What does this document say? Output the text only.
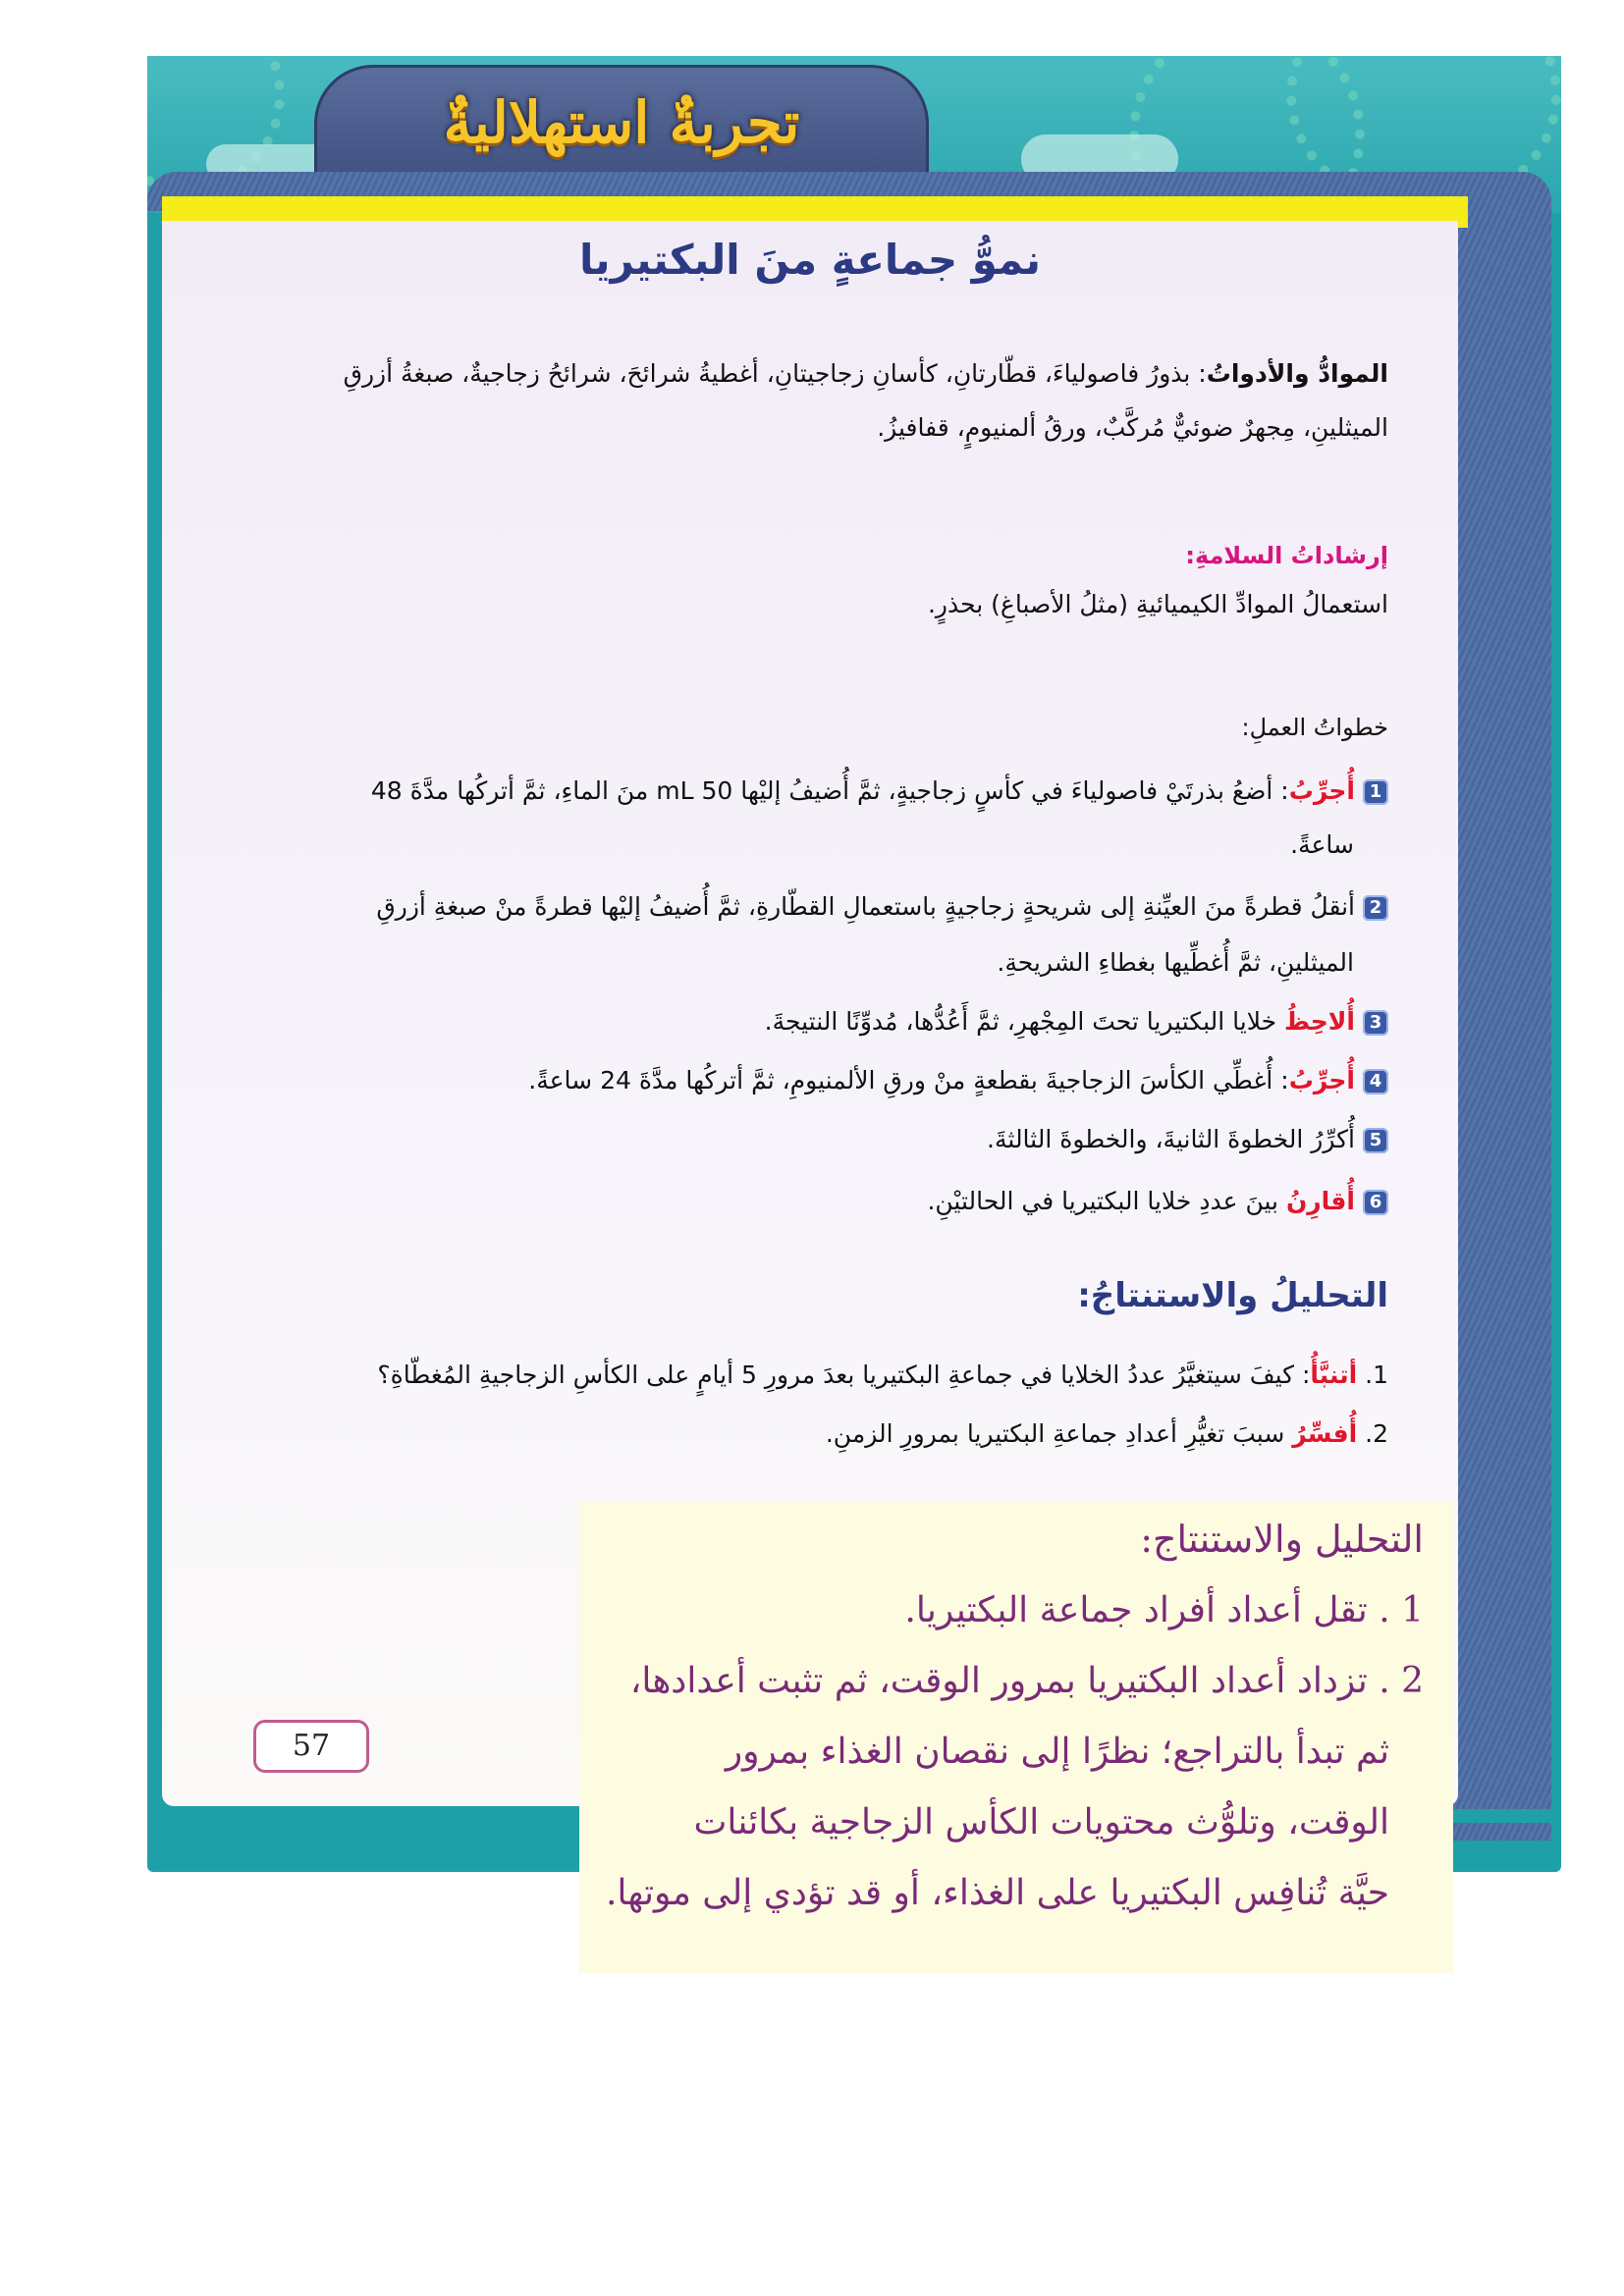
تجربةٌ استهلاليةٌ
نموُّ جماعةٍ منَ البكتيريا
الموادُّ والأدواتُ: بذورُ فاصولياءَ، قطّارتانِ، كأسانِ زجاجيتانِ، أغطيةُ شرائحَ، شرائحُ زجاجيةٌ، صبغةُ أزرقِ
الميثلينِ، مِجهرٌ ضوئيٌّ مُركَّبٌ، ورقُ ألمنيومٍ، قفافيزُ.
إرشاداتُ السلامةِ:
استعمالُ الموادِّ الكيميائيةِ (مثلُ الأصباغِ) بحذرٍ.
خطواتُ العملِ:
1أُجرِّبُ: أضعُ بذرتَيْ فاصولياءَ في كأسٍ زجاجيةٍ، ثمَّ أُضيفُ إليْها 50 mL منَ الماءِ، ثمَّ أتركُها مدَّةَ 48
ساعةً.
2أنقلُ قطرةً منَ العيِّنةِ إلى شريحةٍ زجاجيةٍ باستعمالِ القطّارةِ، ثمَّ أُضيفُ إليْها قطرةً منْ صبغةِ أزرقِ
الميثلينِ، ثمَّ أُغطِّيها بغطاءِ الشريحةِ.
3أُلاحِظُ خلايا البكتيريا تحتَ المِجْهرِ، ثمَّ أَعُدُّها، مُدوِّنًا النتيجةَ.
4أُجرِّبُ: أُغطِّي الكأسَ الزجاجيةَ بقطعةٍ منْ ورقِ الألمنيومِ، ثمَّ أتركُها مدَّةَ 24 ساعةً.
5أُكرِّرُ الخطوةَ الثانيةَ، والخطوةَ الثالثةَ.
6أُقارِنُ بينَ عددِ خلايا البكتيريا في الحالتيْنِ.
التحليلُ والاستنتاجُ:
1. أتنبَّأُ: كيفَ سيتغيَّرُ عددُ الخلايا في جماعةِ البكتيريا بعدَ مرورِ 5 أيامٍ على الكأسِ الزجاجيةِ المُغطّاةِ؟
2. أُفسِّرُ سببَ تغيُّرِ أعدادِ جماعةِ البكتيريا بمرورِ الزمنِ.
التحليل والاستنتاج:
1 . تقل أعداد أفراد جماعة البكتيريا.
2 . تزداد أعداد البكتيريا بمرور الوقت، ثم تثبت أعدادها،
ثم تبدأ بالتراجع؛ نظرًا إلى نقصان الغذاء بمرور
الوقت، وتلوُّث محتويات الكأس الزجاجية بكائنات
حيَّة تُنافِس البكتيريا على الغذاء، أو قد تؤدي إلى موتها.
57
